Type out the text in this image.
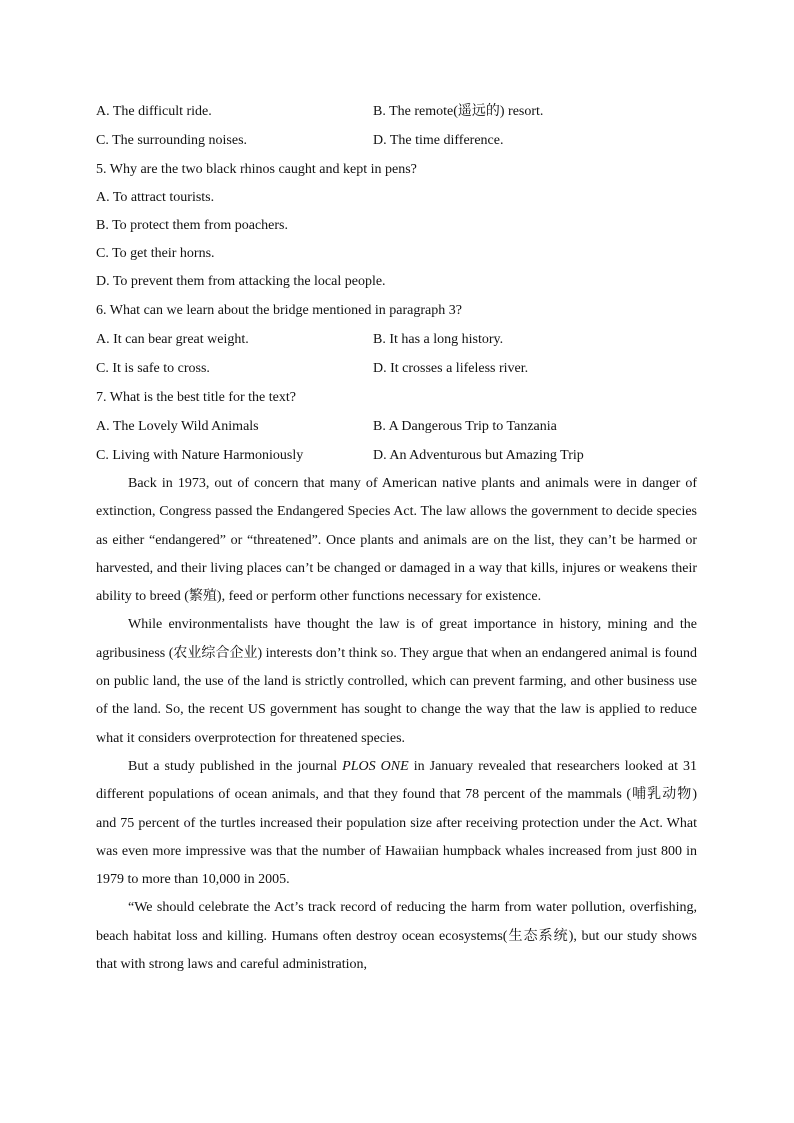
A. The difficult ride.	B. The remote(遥远的) resort.
C. The surrounding noises.	D. The time difference.
5. Why are the two black rhinos caught and kept in pens?
A. To attract tourists.
B. To protect them from poachers.
C. To get their horns.
D. To prevent them from attacking the local people.
6. What can we learn about the bridge mentioned in paragraph 3?
A. It can bear great weight.	B. It has a long history.
C. It is safe to cross.	D. It crosses a lifeless river.
7. What is the best title for the text?
A. The Lovely Wild Animals	B. A Dangerous Trip to Tanzania
C. Living with Nature Harmoniously	D. An Adventurous but Amazing Trip

Back in 1973, out of concern that many of American native plants and animals were in danger of extinction, Congress passed the Endangered Species Act. The law allows the government to decide species as either “endangered” or “threatened”. Once plants and animals are on the list, they can’t be harmed or harvested, and their living places can’t be changed or damaged in a way that kills, injures or weakens their ability to breed (繁殖), feed or perform other functions necessary for existence.

While environmentalists have thought the law is of great importance in history, mining and the agribusiness (农业综合企业) interests don’t think so. They argue that when an endangered animal is found on public land, the use of the land is strictly controlled, which can prevent farming, and other business use of the land. So, the recent US government has sought to change the way that the law is applied to reduce what it considers overprotection for threatened species.

But a study published in the journal PLOS ONE in January revealed that researchers looked at 31 different populations of ocean animals, and that they found that 78 percent of the mammals (哺乳动物) and 75 percent of the turtles increased their population size after receiving protection under the Act. What was even more impressive was that the number of Hawaiian humpback whales increased from just 800 in 1979 to more than 10,000 in 2005.

“We should celebrate the Act’s track record of reducing the harm from water pollution, overfishing, beach habitat loss and killing. Humans often destroy ocean ecosystems(生态系统), but our study shows that with strong laws and careful administration,
